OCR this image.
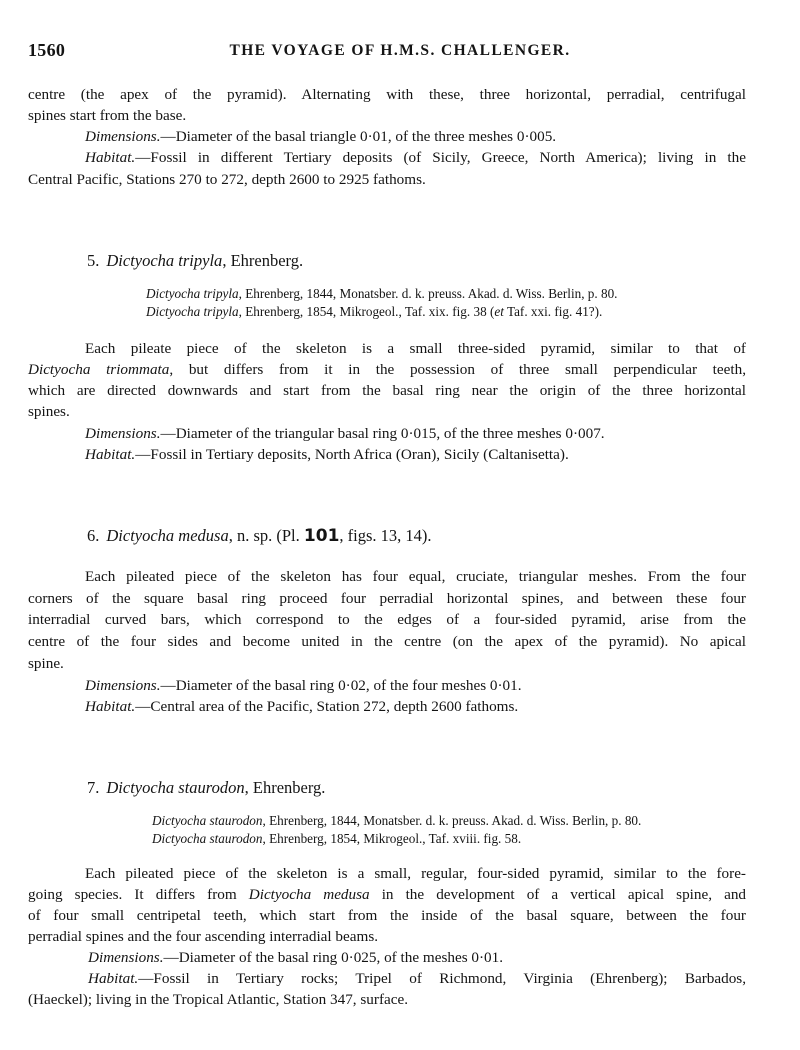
1560	THE VOYAGE OF H.M.S. CHALLENGER.
centre (the apex of the pyramid). Alternating with these, three horizontal, perradial, centrifugal
spines start from the base.
Dimensions.—Diameter of the basal triangle 0·01, of the three meshes 0·005.
Habitat.—Fossil in different Tertiary deposits (of Sicily, Greece, North America); living in the
Central Pacific, Stations 270 to 272, depth 2600 to 2925 fathoms.
5. Dictyocha tripyla, Ehrenberg.
Dictyocha tripyla, Ehrenberg, 1844, Monatsber. d. k. preuss. Akad. d. Wiss. Berlin, p. 80.
Dictyocha tripyla, Ehrenberg, 1854, Mikrogeol., Taf. xix. fig. 38 (et Taf. xxi. fig. 41?).
Each pileate piece of the skeleton is a small three-sided pyramid, similar to that of
Dictyocha triommata, but differs from it in the possession of three small perpendicular teeth,
which are directed downwards and start from the basal ring near the origin of the three horizontal
spines.
Dimensions.—Diameter of the triangular basal ring 0·015, of the three meshes 0·007.
Habitat.—Fossil in Tertiary deposits, North Africa (Oran), Sicily (Caltanisetta).
6. Dictyocha medusa, n. sp. (Pl. 101, figs. 13, 14).
Each pileated piece of the skeleton has four equal, cruciate, triangular meshes. From the four
corners of the square basal ring proceed four perradial horizontal spines, and between these four
interradial curved bars, which correspond to the edges of a four-sided pyramid, arise from the
centre of the four sides and become united in the centre (on the apex of the pyramid). No apical
spine.
Dimensions.—Diameter of the basal ring 0·02, of the four meshes 0·01.
Habitat.—Central area of the Pacific, Station 272, depth 2600 fathoms.
7. Dictyocha staurodon, Ehrenberg.
Dictyocha staurodon, Ehrenberg, 1844, Monatsber. d. k. preuss. Akad. d. Wiss. Berlin, p. 80.
Dictyocha staurodon, Ehrenberg, 1854, Mikrogeol., Taf. xviii. fig. 58.
Each pileated piece of the skeleton is a small, regular, four-sided pyramid, similar to the fore-
going species. It differs from Dictyocha medusa in the development of a vertical apical spine, and
of four small centripetal teeth, which start from the inside of the basal square, between the four
perradial spines and the four ascending interradial beams.
Dimensions.—Diameter of the basal ring 0·025, of the meshes 0·01.
Habitat.—Fossil in Tertiary rocks; Tripel of Richmond, Virginia (Ehrenberg); Barbados,
(Haeckel); living in the Tropical Atlantic, Station 347, surface.
